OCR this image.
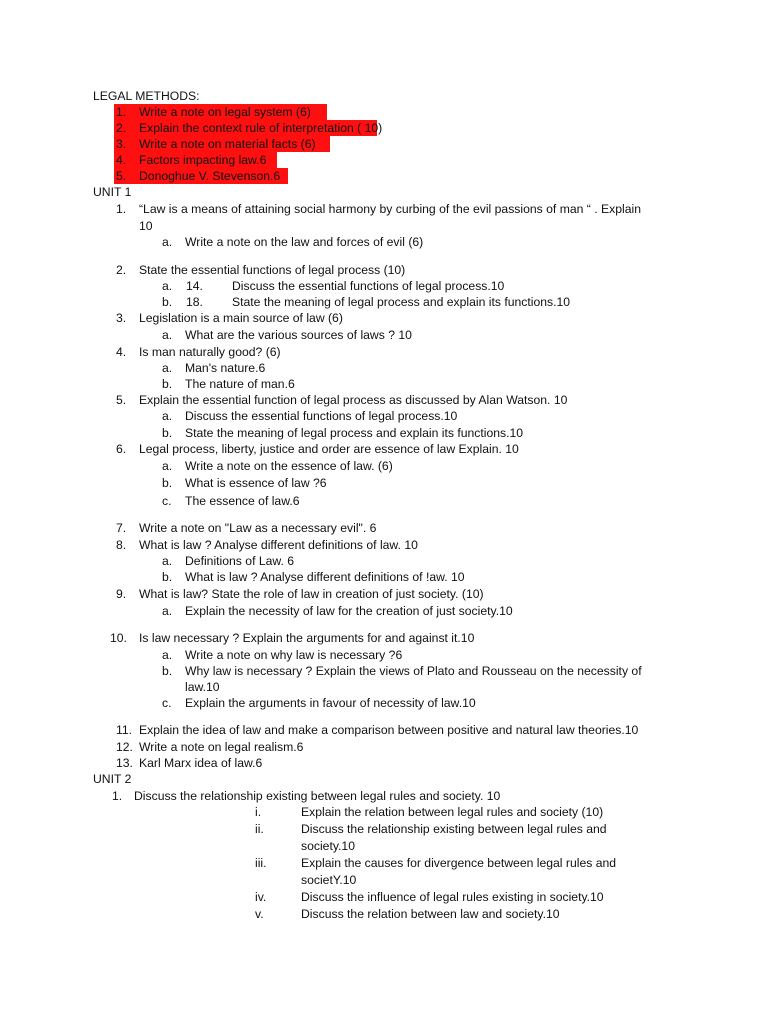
LEGAL METHODS:
1. Write a note on legal system (6)
2. Explain the context rule of interpretation ( 10)
3. Write a note on material facts (6)
4. Factors impacting law.6
5. Donoghue V. Stevenson.6
UNIT 1
1. “Law is a means of attaining social harmony by curbing of the evil passions of man “ . Explain
10
a. Write a note on the law and forces of evil (6)
2. State the essential functions of legal process (10)
a. 14. Discuss the essential functions of legal process.10
b. 18. State the meaning of legal process and explain its functions.10
3. Legislation is a main source of law (6)
a. What are the various sources of laws ? 10
4. Is man naturally good? (6)
a. Man's nature.6
b. The nature of man.6
5. Explain the essential function of legal process as discussed by Alan Watson. 10
a. Discuss the essential functions of legal process.10
b. State the meaning of legal process and explain its functions.10
6. Legal process, liberty, justice and order are essence of law Explain. 10
a. Write a note on the essence of law. (6)
b. What is essence of law ?6
c. The essence of law.6
7. Write a note on "Law as a necessary evil". 6
8. What is law ? Analyse different definitions of law. 10
a. Definitions of Law. 6
b. What is law ? Analyse different definitions of !aw. 10
9. What is law? State the role of law in creation of just society. (10)
a. Explain the necessity of law for the creation of just society.10
10. Is law necessary ? Explain the arguments for and against it.10
a. Write a note on why law is necessary ?6
b. Why law is necessary ? Explain the views of Plato and Rousseau on the necessity of
law.10
c. Explain the arguments in favour of necessity of law.10
11. Explain the idea of law and make a comparison between positive and natural law theories.10
12. Write a note on legal realism.6
13. Karl Marx idea of law.6
UNIT 2
1. Discuss the relationship existing between legal rules and society. 10
i.	Explain the relation between legal rules and society (10)
ii.	Discuss the relationship existing between legal rules and
society.10
iii.	Explain the causes for divergence between legal rules and
societY.10
iv.	Discuss the influence of legal rules existing in society.10
v.	Discuss the relation between law and society.10
